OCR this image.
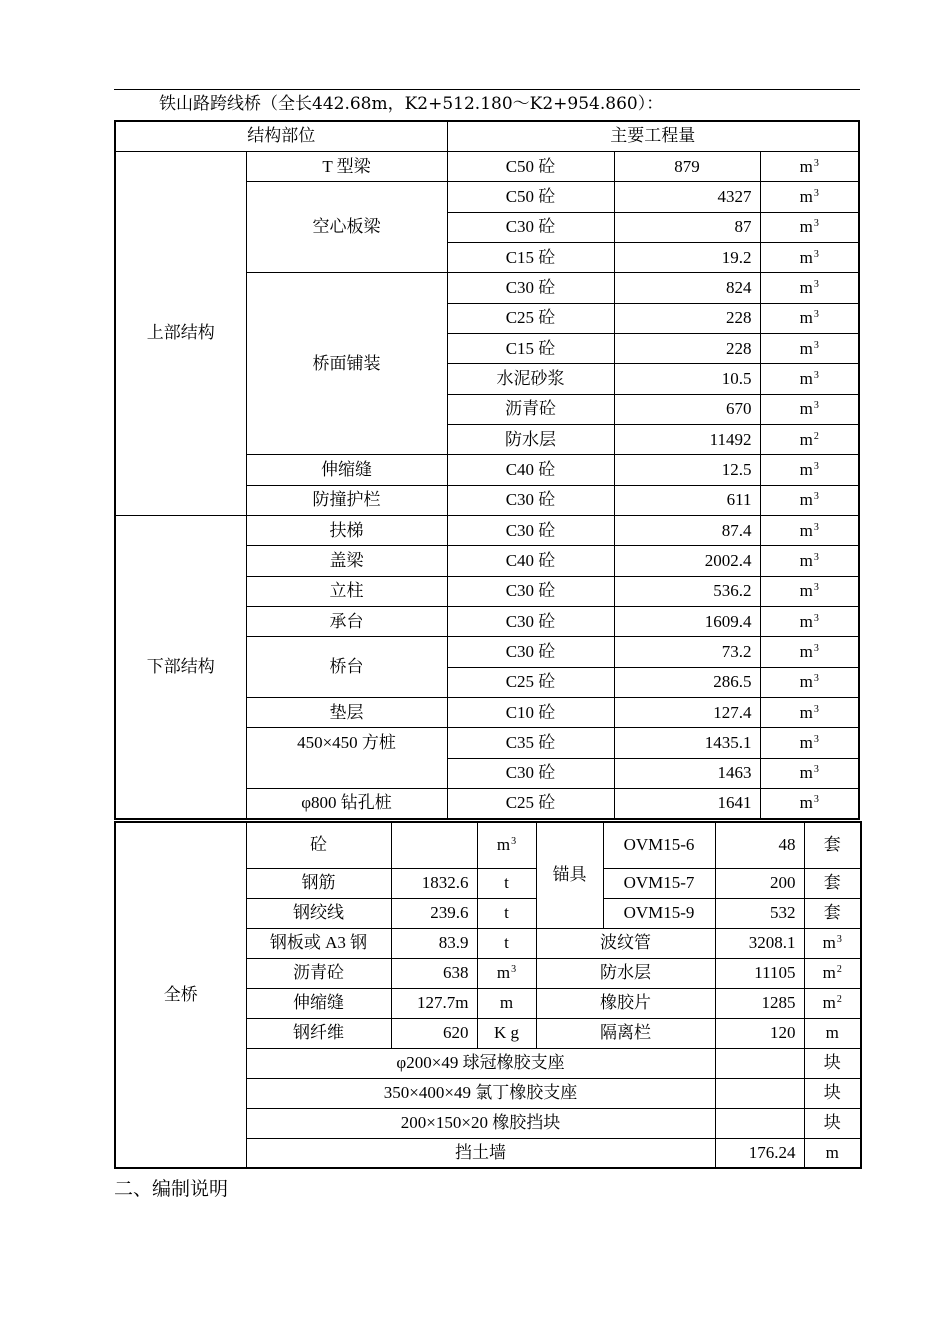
铁山路跨线桥（全长442.68m，K2+512.180～K2+954.860）：
结构部位		主要工程量		
上部结构	T 型梁	C50 砼	879	$m^3$
	空心板梁	C50 砼	4327	$m^3$
		C30 砼	87	$m^3$
		C15 砼	19.2	$m^3$
	桥面铺装	C30 砼	824	$m^3$
		C25 砼	228	$m^3$
		C15 砼	228	$m^3$
		水泥砂浆	10.5	$m^3$
		沥青砼	670	$m^3$
		防水层	11492	$m^2$
	伸缩缝	C40 砼	12.5	$m^3$
	防撞护栏	C30 砼	611	$m^3$
下部结构	扶梯	C30 砼	87.4	$m^3$
	盖梁	C40 砼	2002.4	$m^3$
	立柱	C30 砼	536.2	$m^3$
	承台	C30 砼	1609.4	$m^3$
	桥台	C30 砼	73.2	$m^3$
		C25 砼	286.5	$m^3$
	垫层	C10 砼	127.4	$m^3$
	450×450 方桩	C35 砼	1435.1	$m^3$
		C30 砼	1463	$m^3$
	φ800 钻孔桩	C25 砼	1641	$m^3$
全桥	砼		$m^3$	锚具	OVM15-6	48	套
	钢筋	1832.6	t		OVM15-7	200	套
	钢绞线	239.6	t		OVM15-9	532	套
	钢板或 A3 钢	83.9	t	波纹管		3208.1	$m^3$
	沥青砼	638	$m^3$	防水层		11105	$m^2$
	伸缩缝	127.7m	m	橡胶片		1285	$m^2$
	钢纤维	620	K g	隔离栏		120	m
	φ200×49 球冠橡胶支座						块
	350×400×49 氯丁橡胶支座						块
	200×150×20 橡胶挡块						块
	挡土墙					176.24	m
二、编制说明
